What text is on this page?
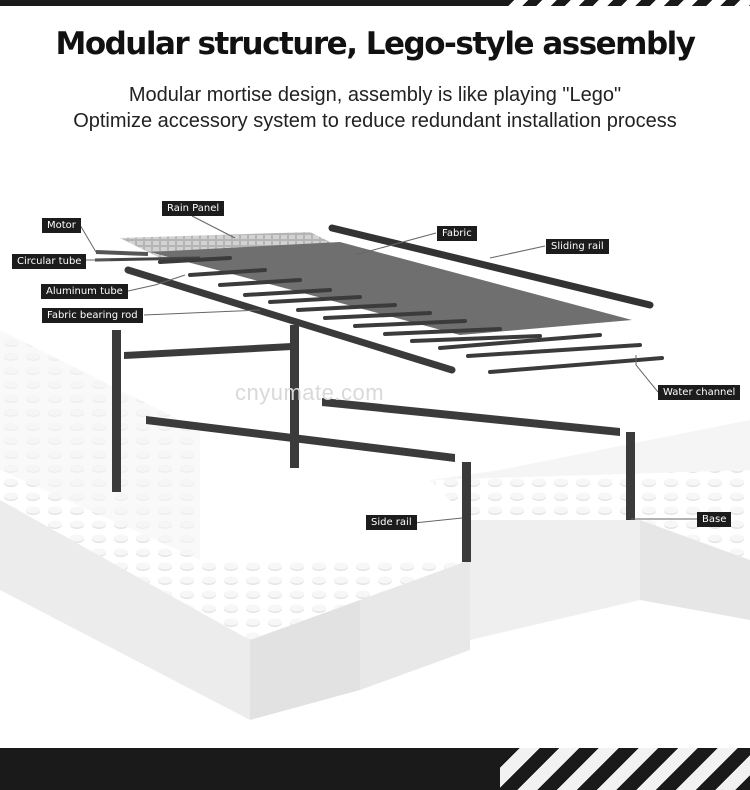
Modular structure, Lego-style assembly
Modular mortise design, assembly is like playing "Lego"
Optimize accessory system to reduce redundant installation process
cnyumate.com
Motor
Rain Panel
Circular tube
Fabric
Sliding rail
Aluminum tube
Fabric bearing rod
Water channel
Side rail	Base
